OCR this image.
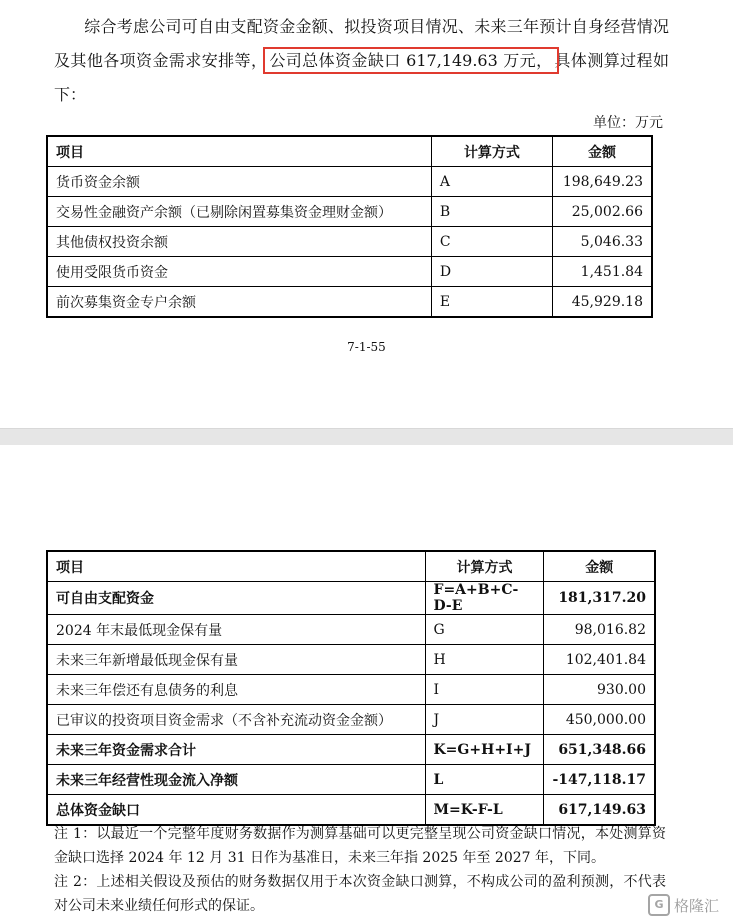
综合考虑公司可自由支配资金金额、拟投资项目情况、未来三年预计自身经营情况及其他各项资金需求安排等， 公司总体资金缺口 617,149.63 万元， 具体测算过程如下：
单位：万元
项目	计算方式	金额
货币资金余额	A	198,649.23
交易性金融资产余额（已剔除闲置募集资金理财金额）	B	25,002.66
其他债权投资余额	C	5,046.33
使用受限货币资金	D	1,451.84
前次募集资金专户余额	E	45,929.18
7-1-55
项目	计算方式	金额
可自由支配资金	F=A+B+C-D-E	181,317.20
2024 年末最低现金保有量	G	98,016.82
未来三年新增最低现金保有量	H	102,401.84
未来三年偿还有息债务的利息	I	930.00
已审议的投资项目资金需求（不含补充流动资金金额）	J	450,000.00
未来三年资金需求合计	K=G+H+I+J	651,348.66
未来三年经营性现金流入净额	L	-147,118.17
总体资金缺口	M=K-F-L	617,149.63

注 1：以最近一个完整年度财务数据作为测算基础可以更完整呈现公司资金缺口情况，本处测算资金缺口选择 2024 年 12 月 31 日作为基准日，未来三年指 2025 年至 2027 年，下同。

注 2：上述相关假设及预估的财务数据仅用于本次资金缺口测算，不构成公司的盈利预测，不代表对公司未来业绩任何形式的保证。	G 格隆汇
